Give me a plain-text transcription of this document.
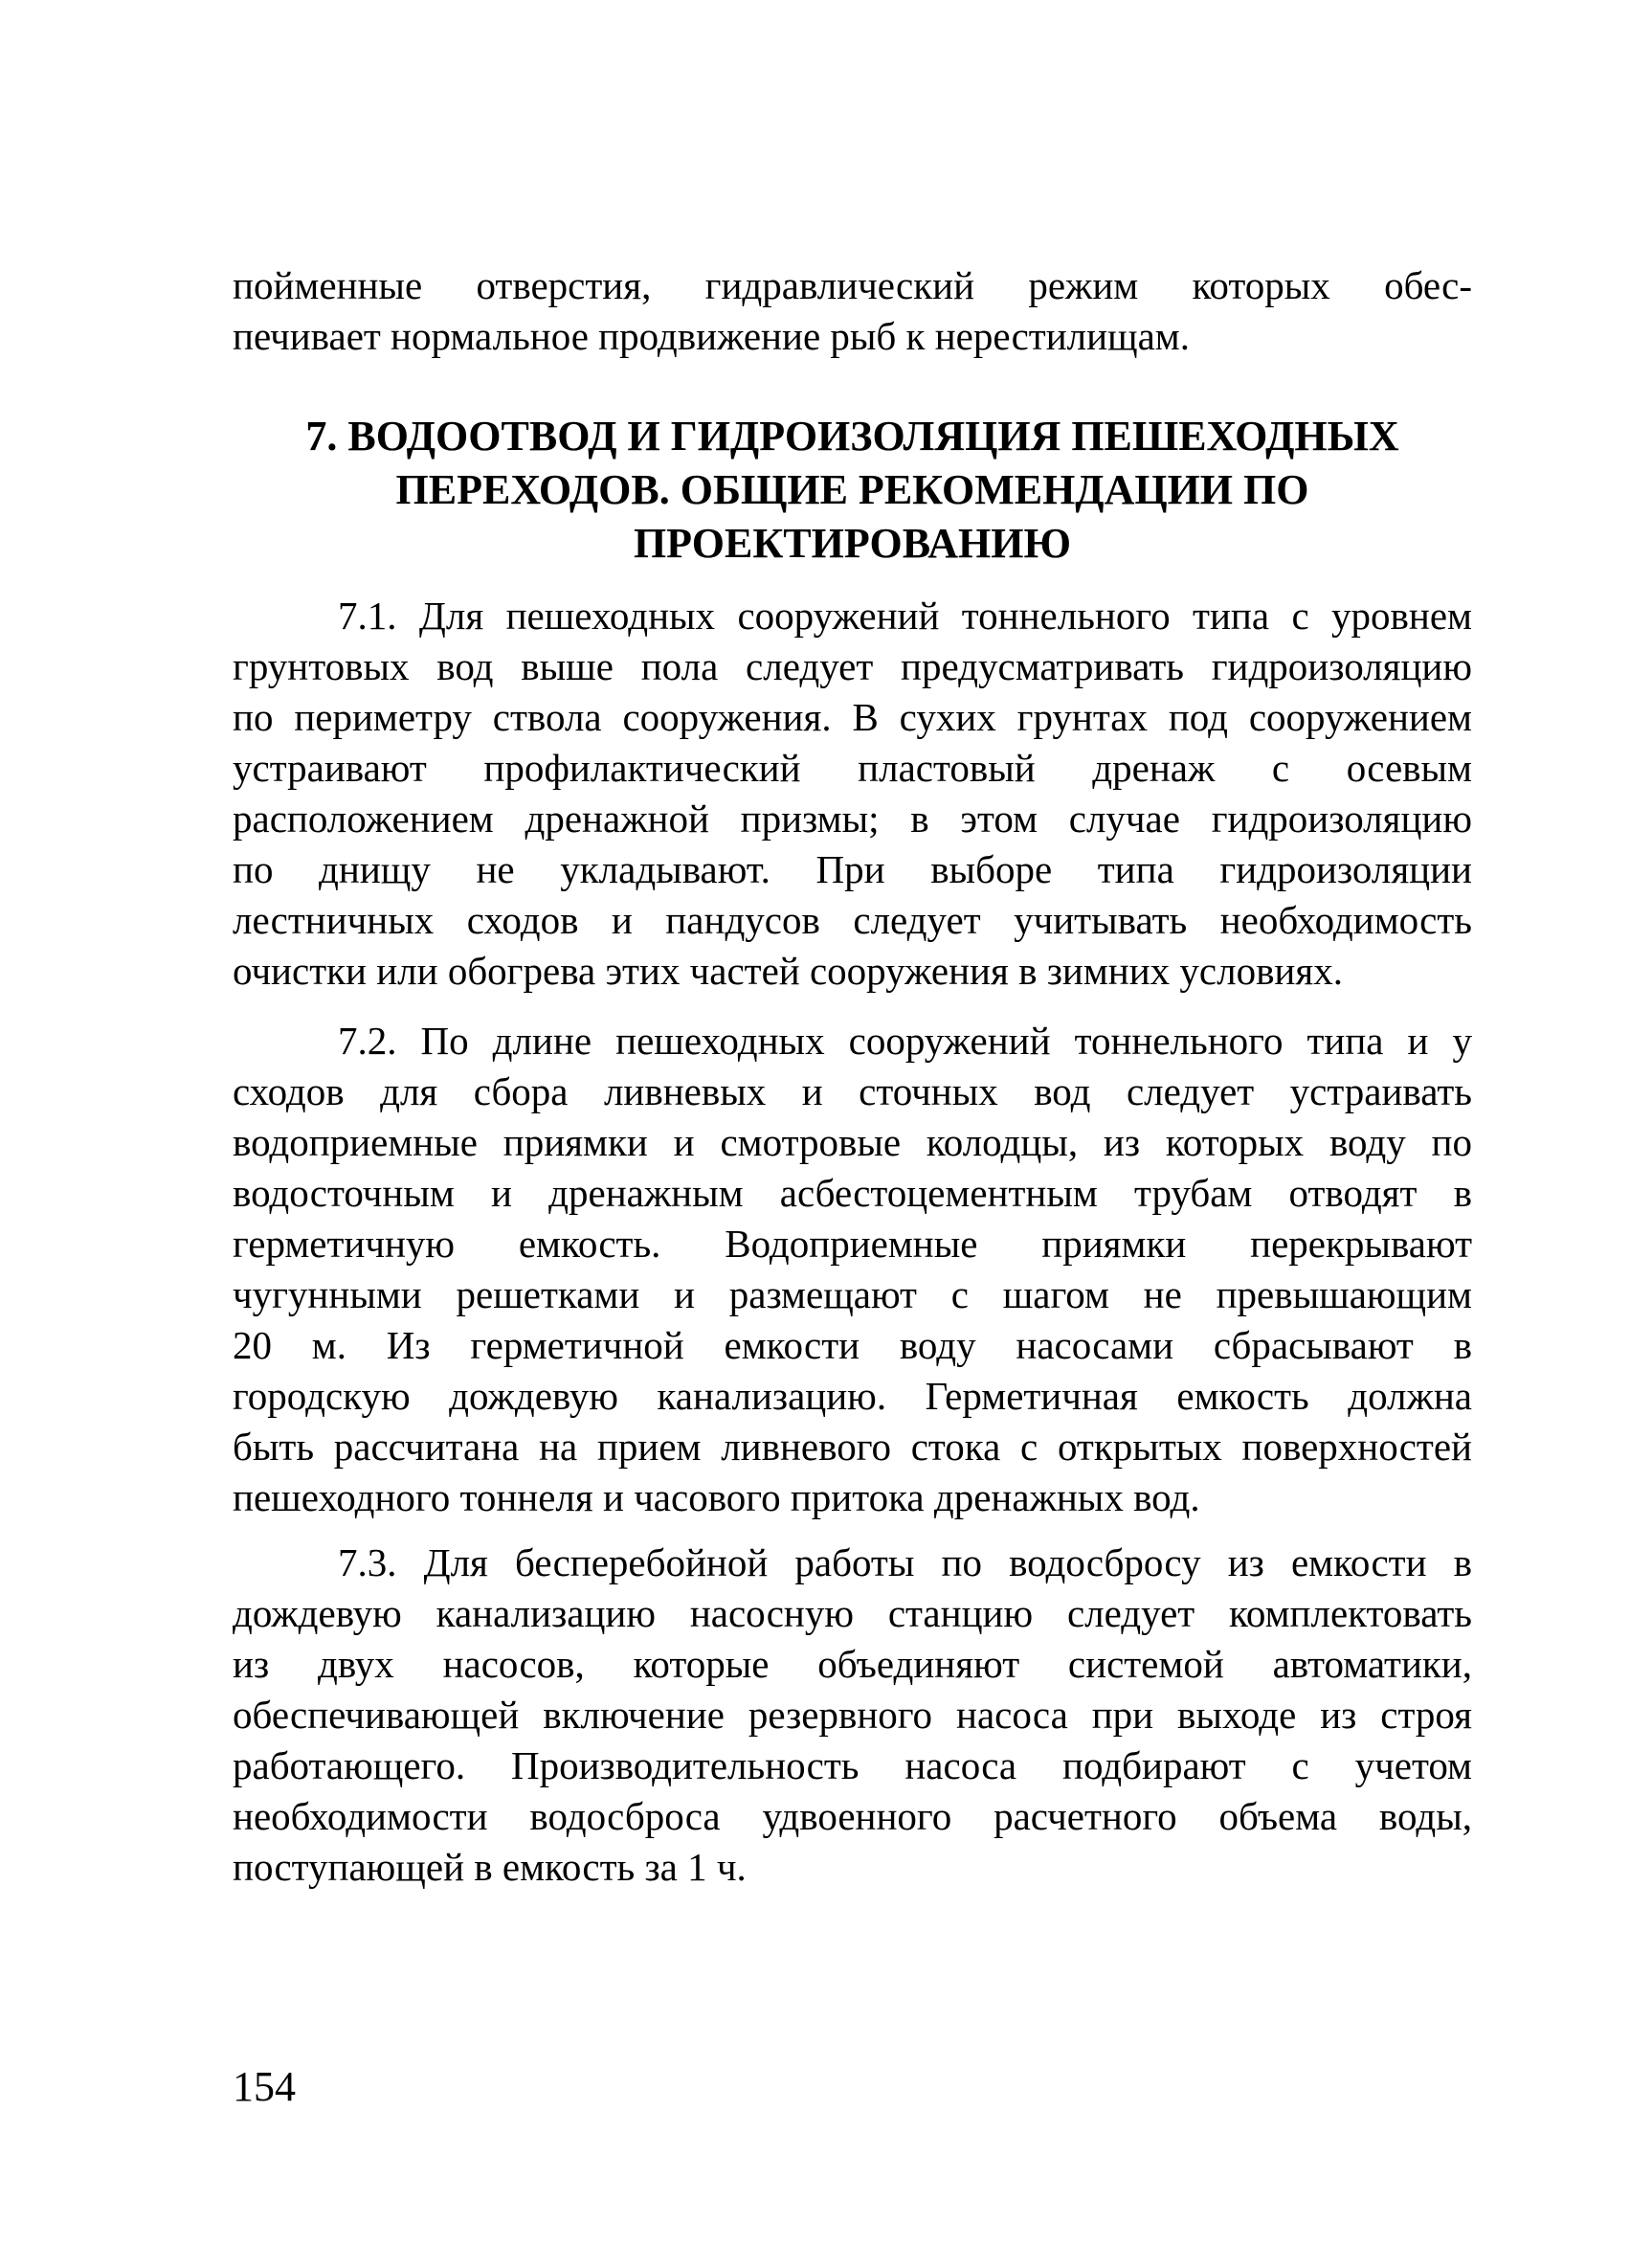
пойменные отверстия, гидравлический режим которых обес-
печивает нормальное продвижение рыб к нерестилищам.
7. ВОДООТВОД И ГИДРОИЗОЛЯЦИЯ ПЕШЕХОДНЫХ
ПЕРЕХОДОВ. ОБЩИЕ РЕКОМЕНДАЦИИ ПО
ПРОЕКТИРОВАНИЮ
7.1. Для пешеходных сооружений тоннельного типа с уровнем
грунтовых вод выше пола следует предусматривать гидроизоляцию
по периметру ствола сооружения. В сухих грунтах под сооружением
устраивают профилактический пластовый дренаж с осевым
расположением дренажной призмы; в этом случае гидроизоляцию
по днищу не укладывают. При выборе типа гидроизоляции
лестничных сходов и пандусов следует учитывать необходимость
очистки или обогрева этих частей сооружения в зимних условиях.
7.2. По длине пешеходных сооружений тоннельного типа и у
сходов для сбора ливневых и сточных вод следует устраивать
водоприемные приямки и смотровые колодцы, из которых воду по
водосточным и дренажным асбестоцементным трубам отводят в
герметичную емкость. Водоприемные приямки перекрывают
чугунными решетками и размещают с шагом не превышающим
20 м. Из герметичной емкости воду насосами сбрасывают в
городскую дождевую канализацию. Герметичная емкость должна
быть рассчитана на прием ливневого стока с открытых поверхностей
пешеходного тоннеля и часового притока дренажных вод.
7.3. Для бесперебойной работы по водосбросу из емкости в
дождевую канализацию насосную станцию следует комплектовать
из двух насосов, которые объединяют системой автоматики,
обеспечивающей включение резервного насоса при выходе из строя
работающего. Производительность насоса подбирают с учетом
необходимости водосброса удвоенного расчетного объема воды,
поступающей в емкость за 1 ч.
154
